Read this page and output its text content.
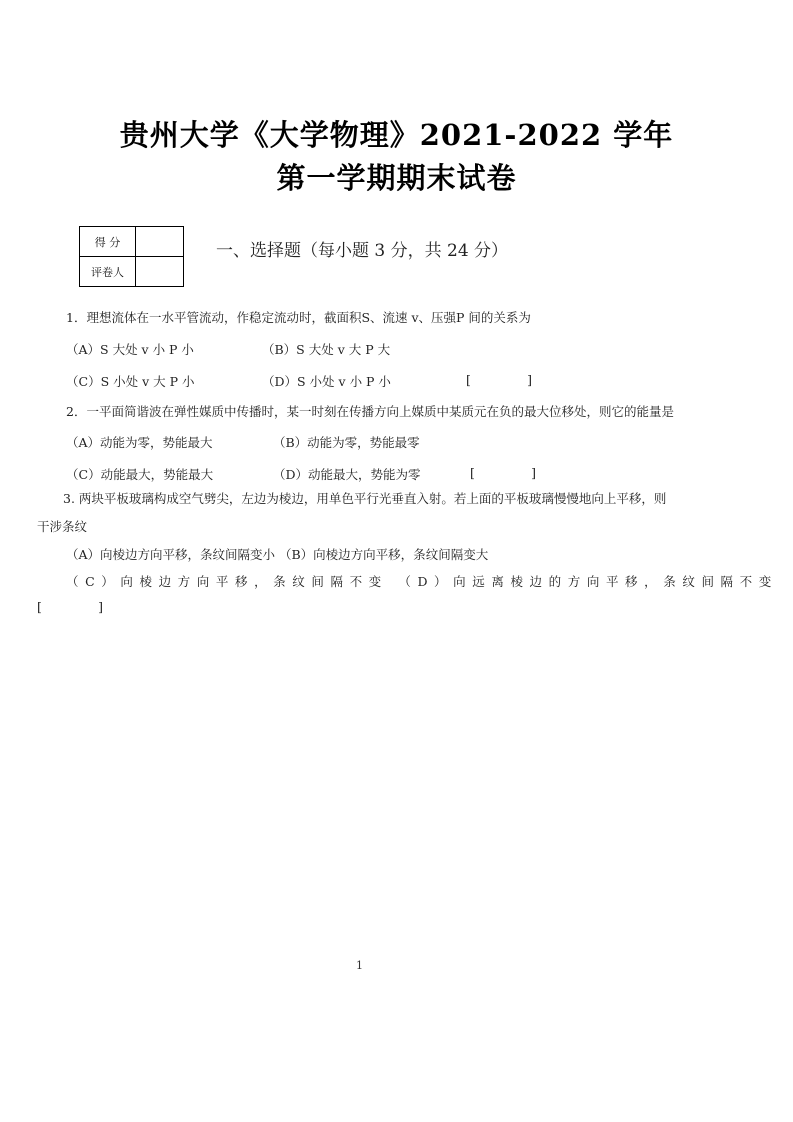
贵州大学《大学物理》2021-2022 学年
第一学期期末试卷
得 分	
评卷人	
一、选择题（每小题 3 分，共 24 分）
1．理想流体在一水平管流动，作稳定流动时，截面积S、流速 v、压强P 间的关系为
（A）S 大处 v 小 P 小	（B）S 大处 v 大 P 大
（C）S 小处 v 大 P 小	（D）S 小处 v 小 P 小	[	]
2．一平面简谐波在弹性媒质中传播时，某一时刻在传播方向上媒质中某质元在负的最大位移处，则它的能量是
（A）动能为零，势能最大	（B）动能为零，势能最零
（C）动能最大，势能最大	（D）动能最大，势能为零	[	]
3. 两块平板玻璃构成空气劈尖，左边为棱边，用单色平行光垂直入射。若上面的平板玻璃慢慢地向上平移，则
干涉条纹
（A）向棱边方向平移，条纹间隔变小 （B）向棱边方向平移，条纹间隔变大
（C）向棱边方向平移，条纹间隔不变 （D）向远离棱边的方向平移，条纹间隔不变
[	]
1
